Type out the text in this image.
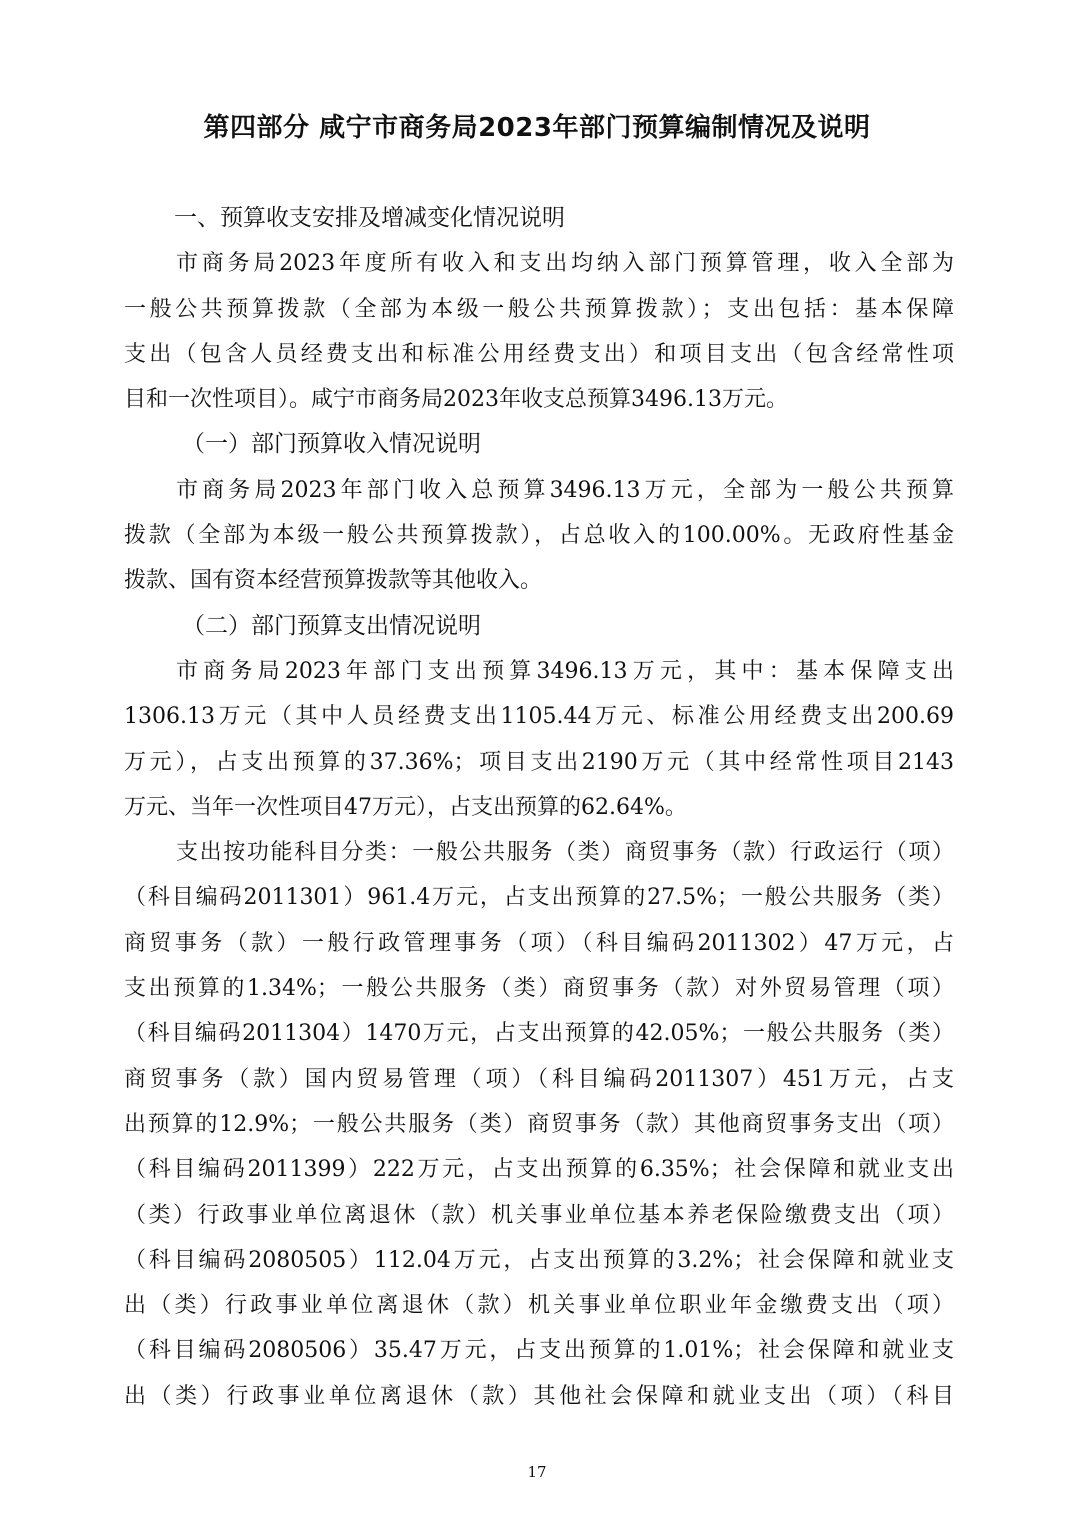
第四部分 咸宁市商务局2023年部门预算编制情况及说明
一、预算收支安排及增减变化情况说明
市商务局2023年度所有收入和支出均纳入部门预算管理，收入全部为
一般公共预算拨款（全部为本级一般公共预算拨款）；支出包括：基本保障
支出（包含人员经费支出和标准公用经费支出）和项目支出（包含经常性项
目和一次性项目）。咸宁市商务局2023年收支总预算3496.13万元。
（一）部门预算收入情况说明
市商务局2023年部门收入总预算3496.13万元，全部为一般公共预算
拨款（全部为本级一般公共预算拨款），占总收入的100.00%。无政府性基金
拨款、国有资本经营预算拨款等其他收入。
（二）部门预算支出情况说明
市商务局2023年部门支出预算3496.13万元，其中：基本保障支出
1306.13万元（其中人员经费支出1105.44万元、标准公用经费支出200.69
万元），占支出预算的37.36%；项目支出2190万元（其中经常性项目2143
万元、当年一次性项目47万元），占支出预算的62.64%。
支出按功能科目分类：一般公共服务（类）商贸事务（款）行政运行（项）
（科目编码2011301）961.4万元，占支出预算的27.5%；一般公共服务（类）
商贸事务（款）一般行政管理事务（项）（科目编码2011302）47万元，占
支出预算的1.34%；一般公共服务（类）商贸事务（款）对外贸易管理（项）
（科目编码2011304）1470万元，占支出预算的42.05%；一般公共服务（类）
商贸事务（款）国内贸易管理（项）（科目编码2011307）451万元，占支
出预算的12.9%；一般公共服务（类）商贸事务（款）其他商贸事务支出（项）
（科目编码2011399）222万元，占支出预算的6.35%；社会保障和就业支出
（类）行政事业单位离退休（款）机关事业单位基本养老保险缴费支出（项）
（科目编码2080505）112.04万元，占支出预算的3.2%；社会保障和就业支
出（类）行政事业单位离退休（款）机关事业单位职业年金缴费支出（项）
（科目编码2080506）35.47万元，占支出预算的1.01%；社会保障和就业支
出（类）行政事业单位离退休（款）其他社会保障和就业支出（项）（科目
17
